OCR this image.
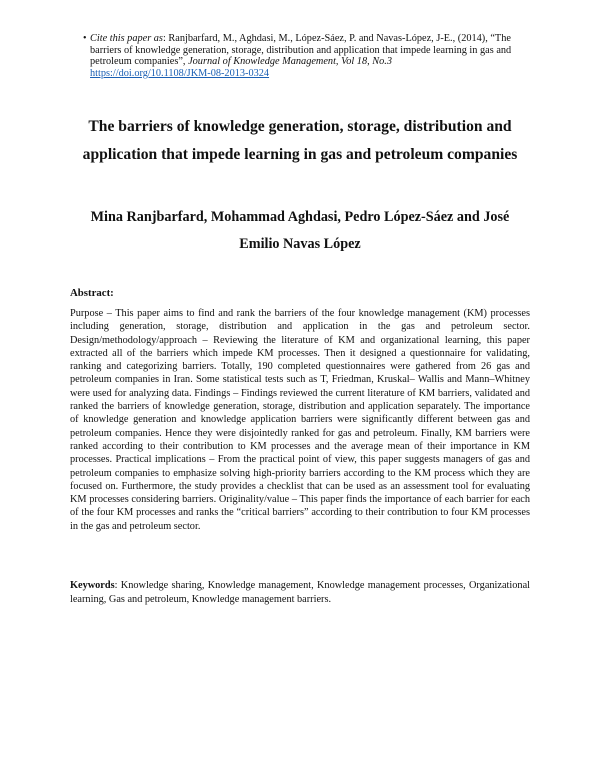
• Cite this paper as: Ranjbarfard, M., Aghdasi, M., López-Sáez, P. and Navas-López, J-E., (2014), “The barriers of knowledge generation, storage, distribution and application that impede learning in gas and petroleum companies”, Journal of Knowledge Management, Vol 18, No.3
https://doi.org/10.1108/JKM-08-2013-0324
The barriers of knowledge generation, storage, distribution and application that impede learning in gas and petroleum companies
Mina Ranjbarfard, Mohammad Aghdasi, Pedro López-Sáez and José Emilio Navas López
Abstract:
Purpose – This paper aims to find and rank the barriers of the four knowledge management (KM) processes including generation, storage, distribution and application in the gas and petroleum sector. Design/methodology/approach – Reviewing the literature of KM and organizational learning, this paper extracted all of the barriers which impede KM processes. Then it designed a questionnaire for validating, ranking and categorizing barriers. Totally, 190 completed questionnaires were gathered from 26 gas and petroleum companies in Iran. Some statistical tests such as T, Friedman, Kruskal– Wallis and Mann–Whitney were used for analyzing data. Findings – Findings reviewed the current literature of KM barriers, validated and ranked the barriers of knowledge generation, storage, distribution and application separately. The importance of knowledge generation and knowledge application barriers were significantly different between gas and petroleum companies. Hence they were disjointedly ranked for gas and petroleum. Finally, KM barriers were ranked according to their contribution to KM processes and the average mean of their importance in KM processes. Practical implications – From the practical point of view, this paper suggests managers of gas and petroleum companies to emphasize solving high-priority barriers according to the KM process which they are focused on. Furthermore, the study provides a checklist that can be used as an assessment tool for evaluating KM processes considering barriers. Originality/value – This paper finds the importance of each barrier for each of the four KM processes and ranks the “critical barriers” according to their contribution to four KM processes in the gas and petroleum sector.
Keywords: Knowledge sharing, Knowledge management, Knowledge management processes, Organizational learning, Gas and petroleum, Knowledge management barriers.
